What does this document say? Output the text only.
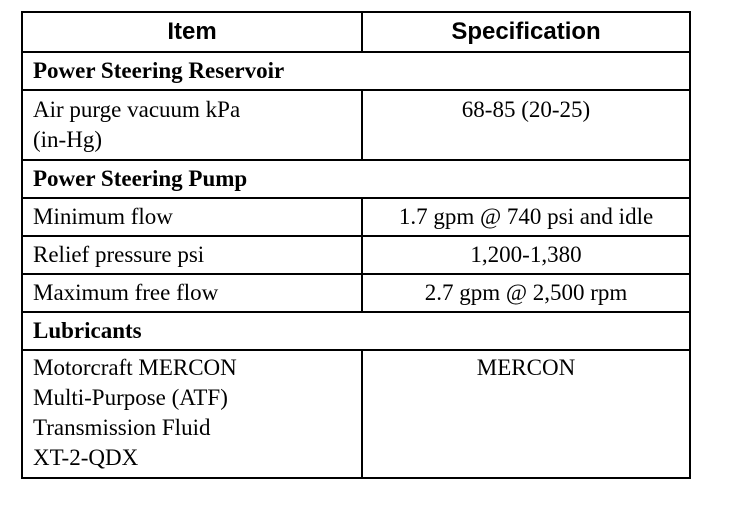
Item	Specification
Power Steering Reservoir	

Air purge vacuum kPa
(in-Hg)	68-85 (20-25)
Power Steering Pump	
Minimum flow	1.7 gpm @ 740 psi and idle
Relief pressure psi	1,200-1,380
Maximum free flow	2.7 gpm @ 2,500 rpm
Lubricants	

Motorcraft MERCON
Multi-Purpose (ATF)
Transmission Fluid
XT-2-QDX	MERCON
